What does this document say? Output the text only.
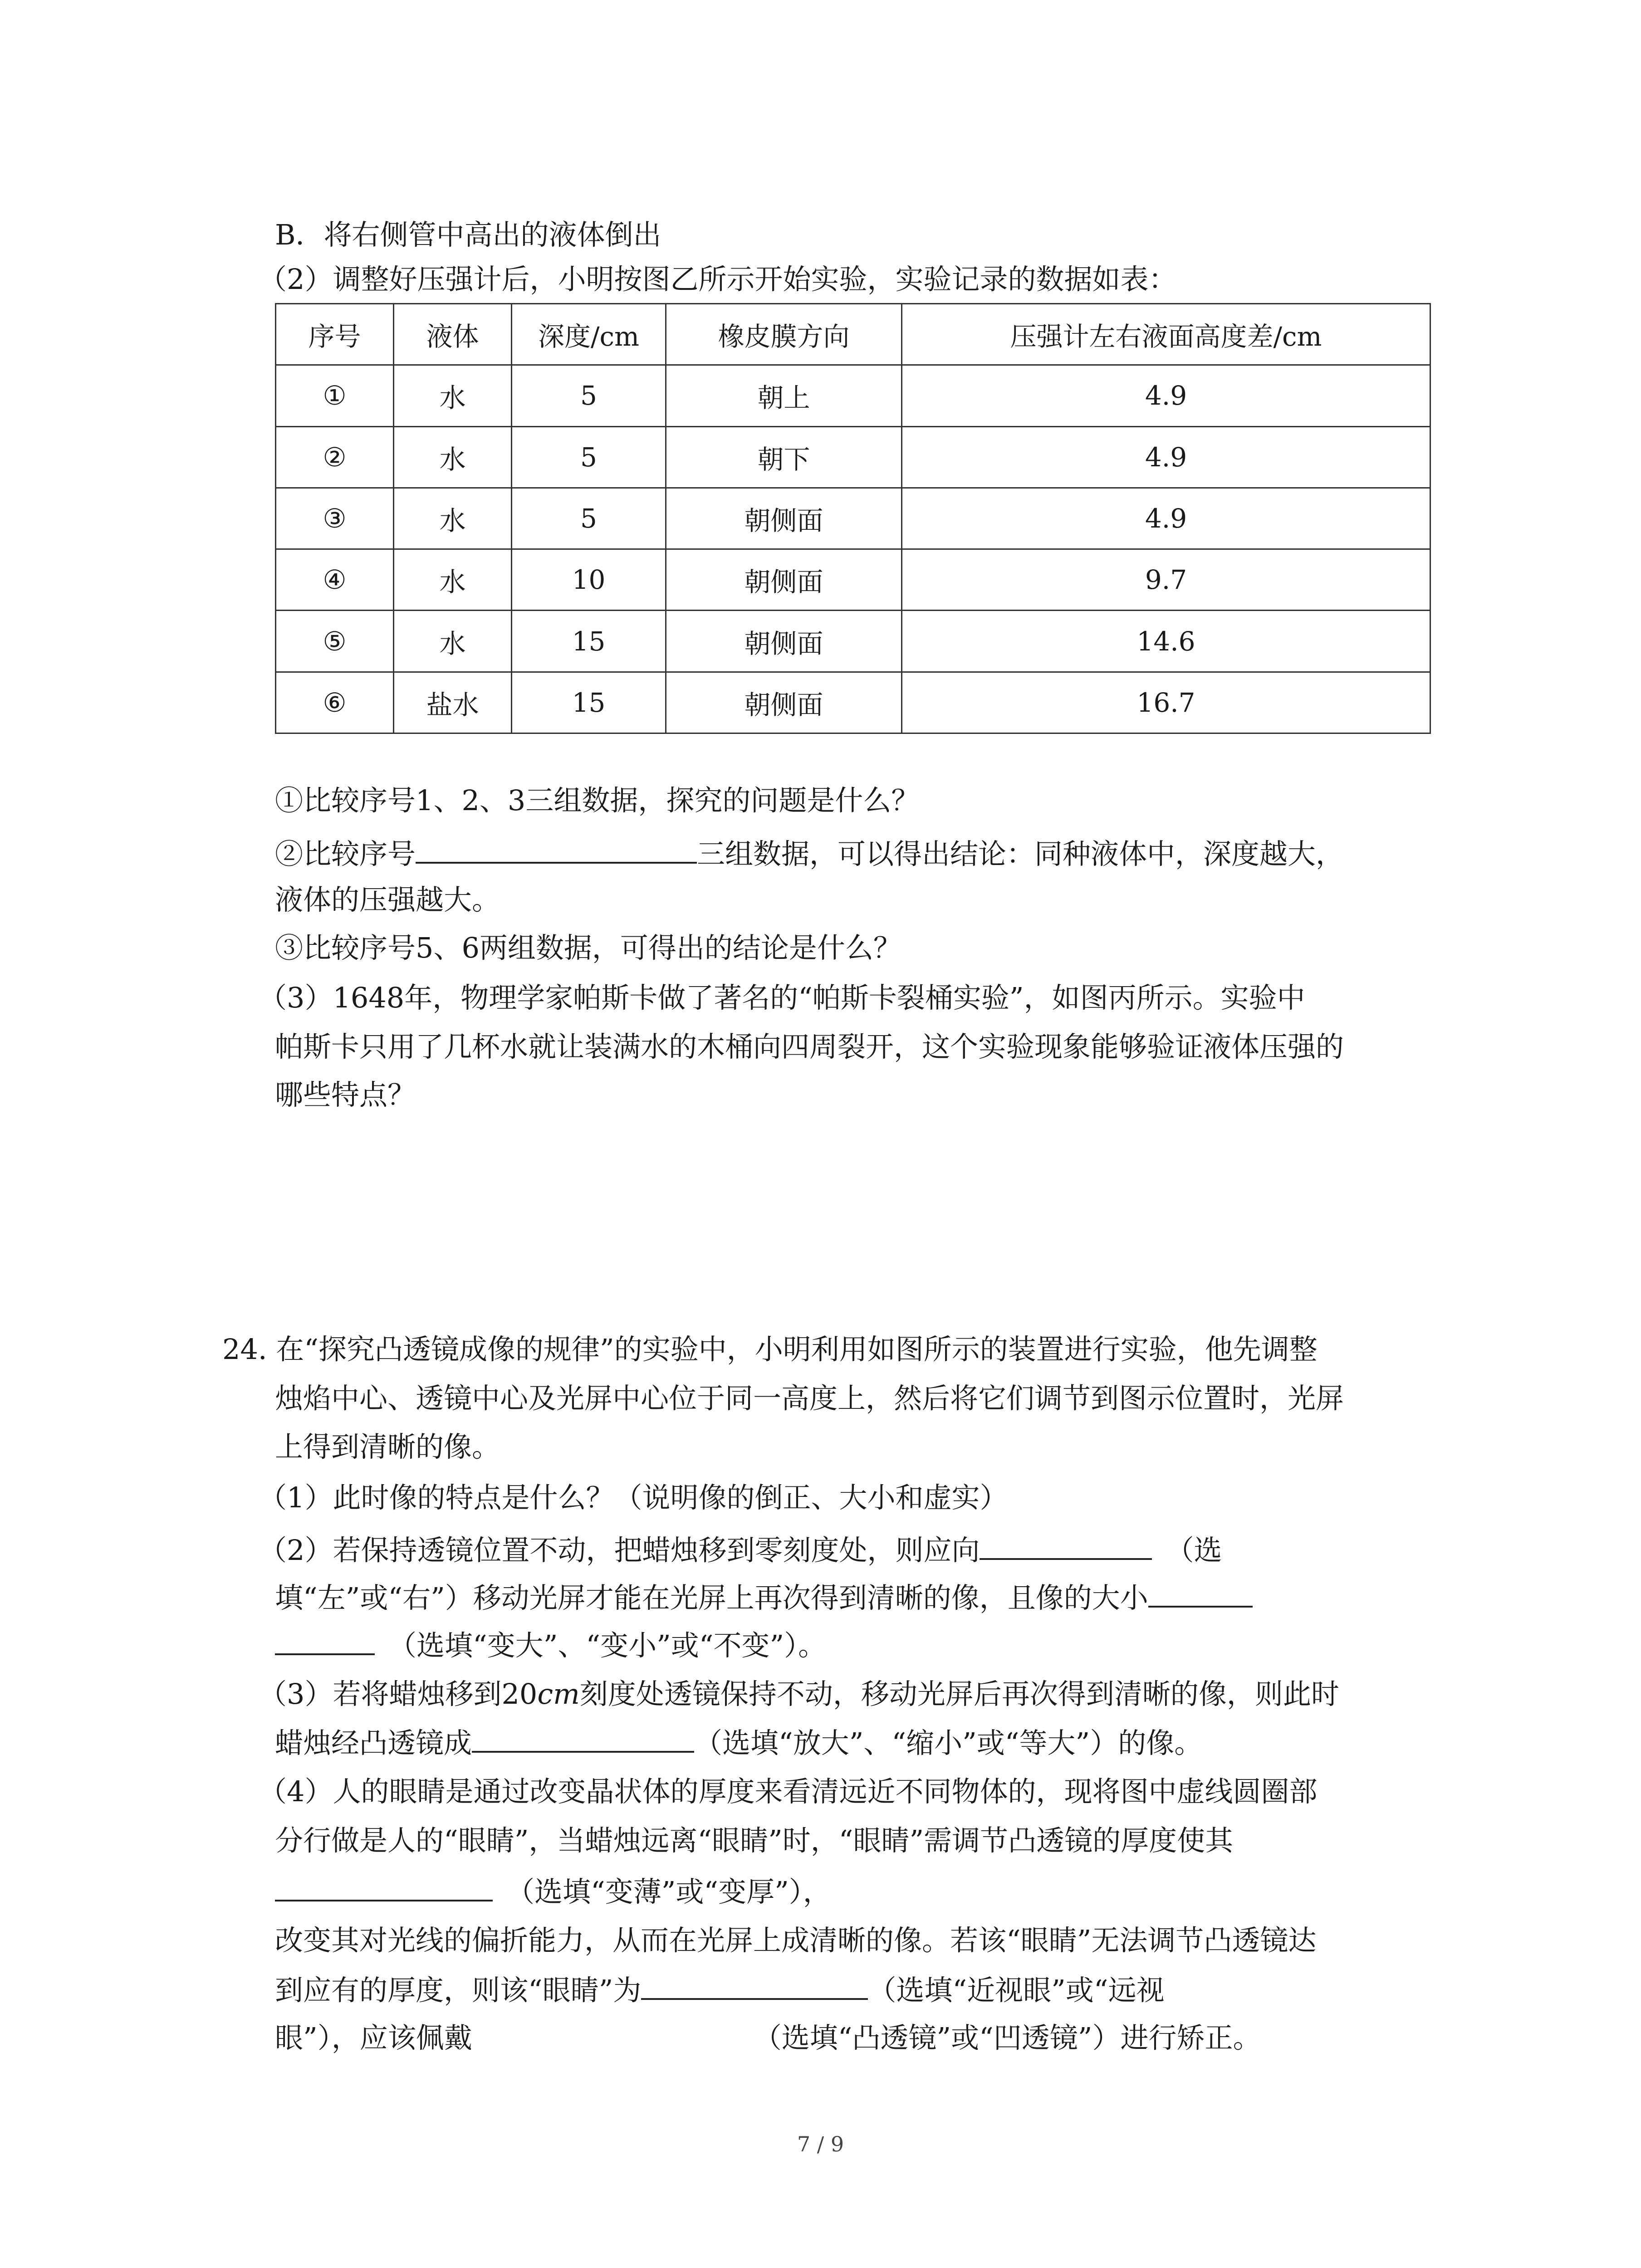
B．将右侧管中高出的液体倒出
（2）调整好压强计后，小明按图乙所示开始实验，实验记录的数据如表：
序号	液体	深度/cm	橡皮膜方向	压强计左右液面高度差/cm
①	水	5	朝上	4.9
②	水	5	朝下	4.9
③	水	5	朝侧面	4.9
④	水	10	朝侧面	9.7
⑤	水	15	朝侧面	14.6
⑥	盐水	15	朝侧面	16.7
①比较序号1、2、3三组数据，探究的问题是什么？
②比较序号	三组数据，可以得出结论：同种液体中，深度越大，
液体的压强越大。
③比较序号5、6两组数据，可得出的结论是什么？
（3）1648年，物理学家帕斯卡做了著名的“帕斯卡裂桶实验”，如图丙所示。实验中
帕斯卡只用了几杯水就让装满水的木桶向四周裂开，这个实验现象能够验证液体压强的
哪些特点？
24. 在“探究凸透镜成像的规律”的实验中，小明利用如图所示的装置进行实验，他先调整
烛焰中心、透镜中心及光屏中心位于同一高度上，然后将它们调节到图示位置时，光屏
上得到清晰的像。
（1）此时像的特点是什么？（说明像的倒正、大小和虚实）
（2）若保持透镜位置不动，把蜡烛移到零刻度处，则应向	（选
填“左”或“右”）移动光屏才能在光屏上再次得到清晰的像，且像的大小
（选填“变大”、“变小”或“不变”）。
（3）若将蜡烛移到20cm刻度处透镜保持不动，移动光屏后再次得到清晰的像，则此时
蜡烛经凸透镜成	（选填“放大”、“缩小”或“等大”）的像。
（4）人的眼睛是通过改变晶状体的厚度来看清远近不同物体的，现将图中虚线圆圈部
分行做是人的“眼睛”，当蜡烛远离“眼睛”时，“眼睛”需调节凸透镜的厚度使其
（选填“变薄”或“变厚”），
改变其对光线的偏折能力，从而在光屏上成清晰的像。若该“眼睛”无法调节凸透镜达
到应有的厚度，则该“眼睛”为	（选填“近视眼”或“远视
眼”），应该佩戴	（选填“凸透镜”或“凹透镜”）进行矫正。
7 / 9
